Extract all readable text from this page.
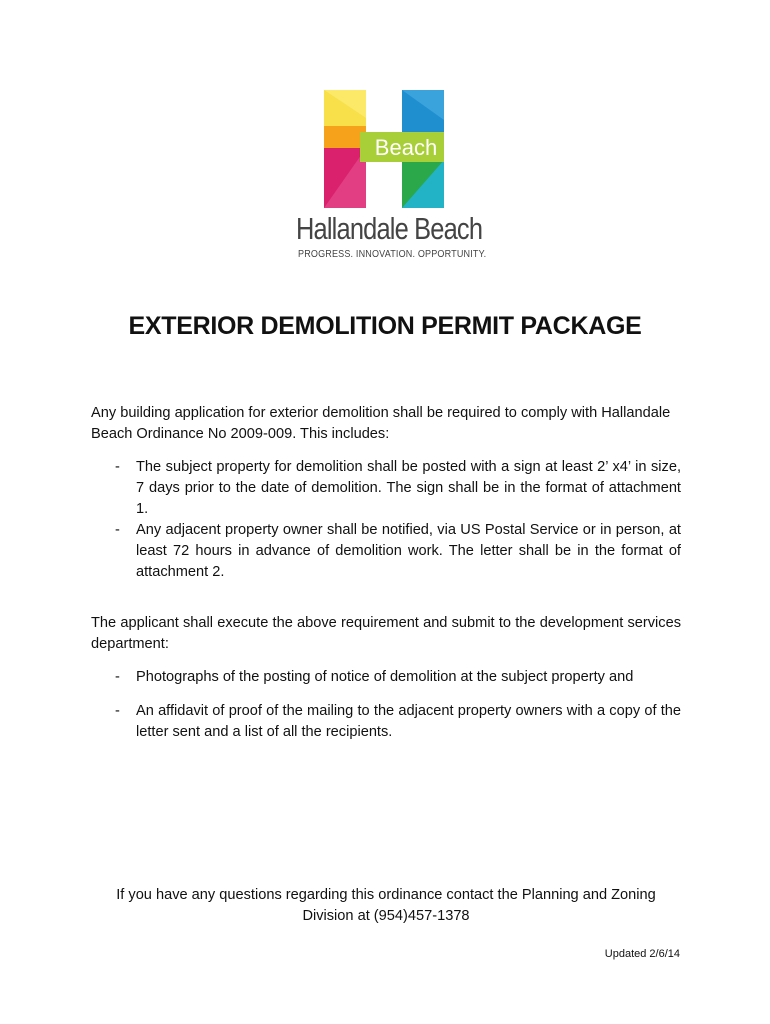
Beach
Hallandale Beach
PROGRESS. INNOVATION. OPPORTUNITY.
EXTERIOR DEMOLITION PERMIT PACKAGE
Any building application for exterior demolition shall be required to comply with Hallandale Beach Ordinance No 2009-009. This includes:
- The subject property for demolition shall be posted with a sign at least 2’ x4’ in size, 7 days prior to the date of demolition. The sign shall be in the format of attachment 1.
- Any adjacent property owner shall be notified, via US Postal Service or in person, at least 72 hours in advance of demolition work. The letter shall be in the format of attachment 2.
The applicant shall execute the above requirement and submit to the development services department:
- Photographs of the posting of notice of demolition at the subject property and
- An affidavit of proof of the mailing to the adjacent property owners with a copy of the letter sent and a list of all the recipients.
If you have any questions regarding this ordinance contact the Planning and Zoning Division at (954)457-1378
Updated 2/6/14
